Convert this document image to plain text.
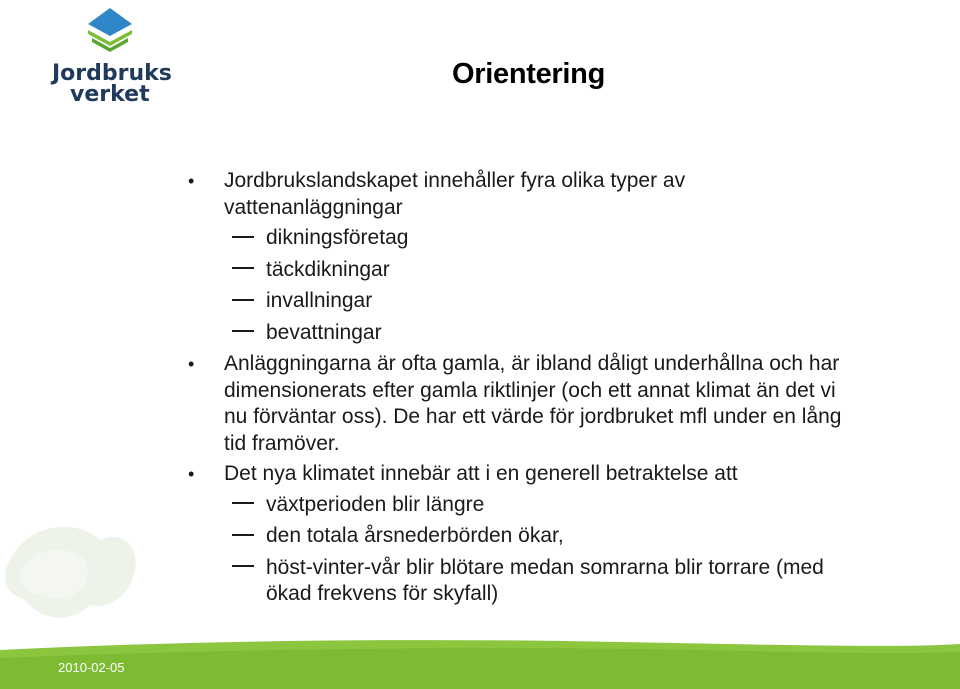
Jordbruks
verket
Orientering
• Jordbrukslandskapet innehåller fyra olika typer av vattenanläggningar
dikningsföretag
täckdikningar
invallningar
bevattningar
• Anläggningarna är ofta gamla, är ibland dåligt underhållna och har dimensionerats efter gamla riktlinjer (och ett annat klimat än det vi nu förväntar oss). De har ett värde för jordbruket mfl under en lång tid framöver.
• Det nya klimatet innebär att i en generell betraktelse att
växtperioden blir längre
den totala årsnederbörden ökar,
höst-vinter-vår blir blötare medan somrarna blir torrare (med ökad frekvens för skyfall)
2010-02-05
